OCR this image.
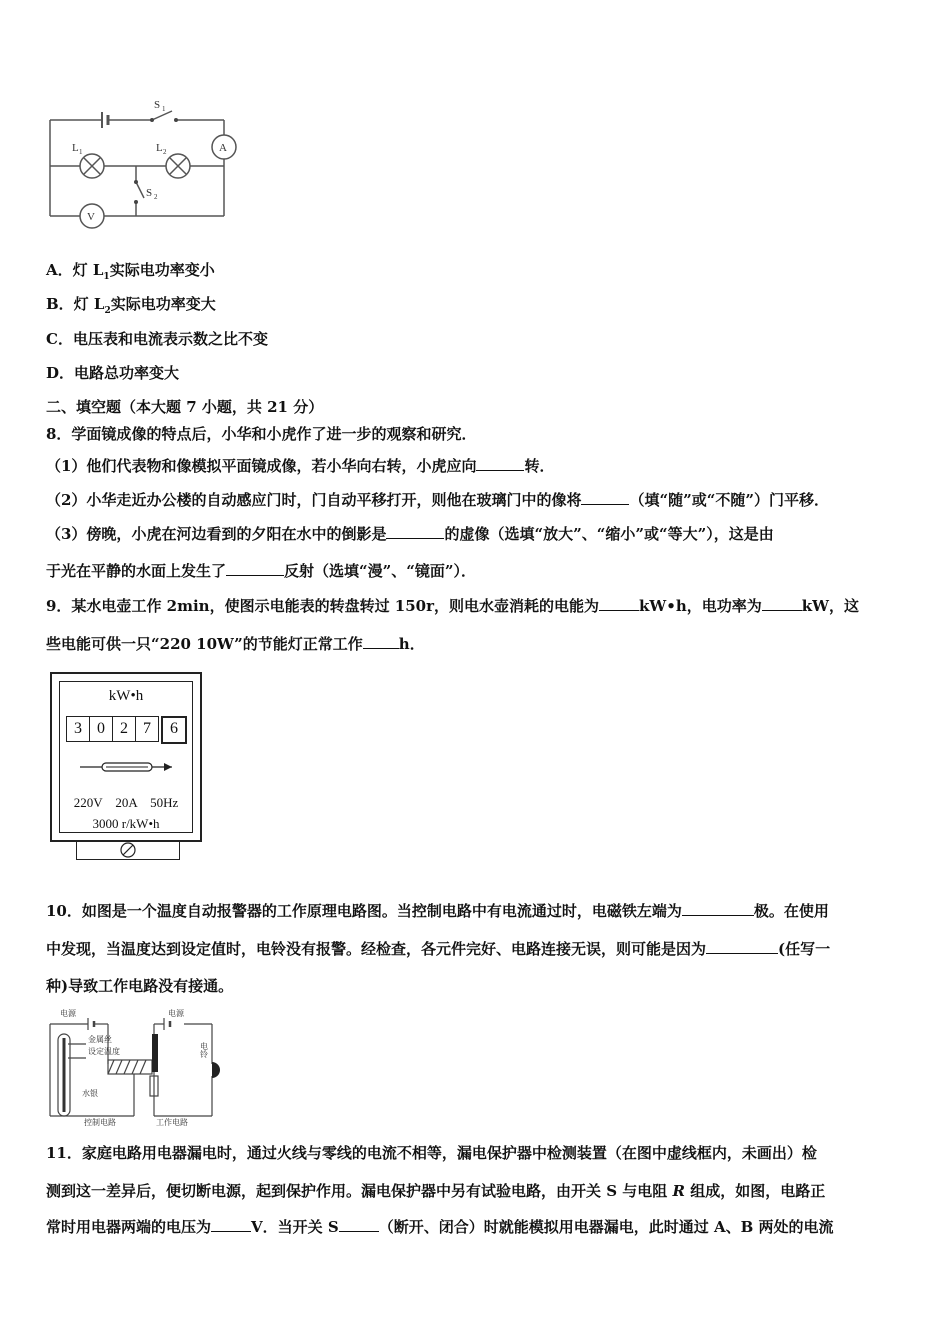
S 1
L 1	L 2
S 2
A
V
A．灯 $L_1$实际电功率变小
B．灯 $L_2$实际电功率变大
C．电压表和电流表示数之比不变
D．电路总功率变大
二、填空题（本大题 7 小题，共 21 分）
8．学面镜成像的特点后，小华和小虎作了进一步的观察和研究．
（1）他们代表物和像模拟平面镜成像，若小华向右转，小虎应向	转．
（2）小华走近办公楼的自动感应门时，门自动平移打开，则他在玻璃门中的像将	（填“随”或“不随”）门平移．
（3）傍晚，小虎在河边看到的夕阳在水中的倒影是	的虚像（选填“放大”、“缩小”或“等大”），这是由
于光在平静的水面上发生了	反射（选填“漫”、“镜面”）．
9．某水电壶工作 2min，使图示电能表的转盘转过 150r，则电水壶消耗的电能为	kW•h，电功率为	kW，这
些电能可供一只“220 10W”的节能灯正常工作 h．
kW•h
3 0 2 7	6
220V　20A　50Hz
3000 r/kW•h
10．如图是一个温度自动报警器的工作原理电路图。当控制电路中有电流通过时，电磁铁左端为	极。在使用
中发现，当温度达到设定值时，电铃没有报警。经检查，各元件完好、电路连接无误，则可能是因为	(任写一
种)导致工作电路没有接通。
电源	电源
金属丝
设定温度
水银
控制电路	工作电路
电铃
11．家庭电路用电器漏电时，通过火线与零线的电流不相等，漏电保护器中检测装置（在图中虚线框内，未画出）检
测到这一差异后，便切断电源，起到保护作用。漏电保护器中另有试验电路，由开关 S 与电阻 R 组成，如图，电路正
常时用电器两端的电压为	V．当开关 S	（断开、闭合）时就能模拟用电器漏电，此时通过 A、B 两处的电流
